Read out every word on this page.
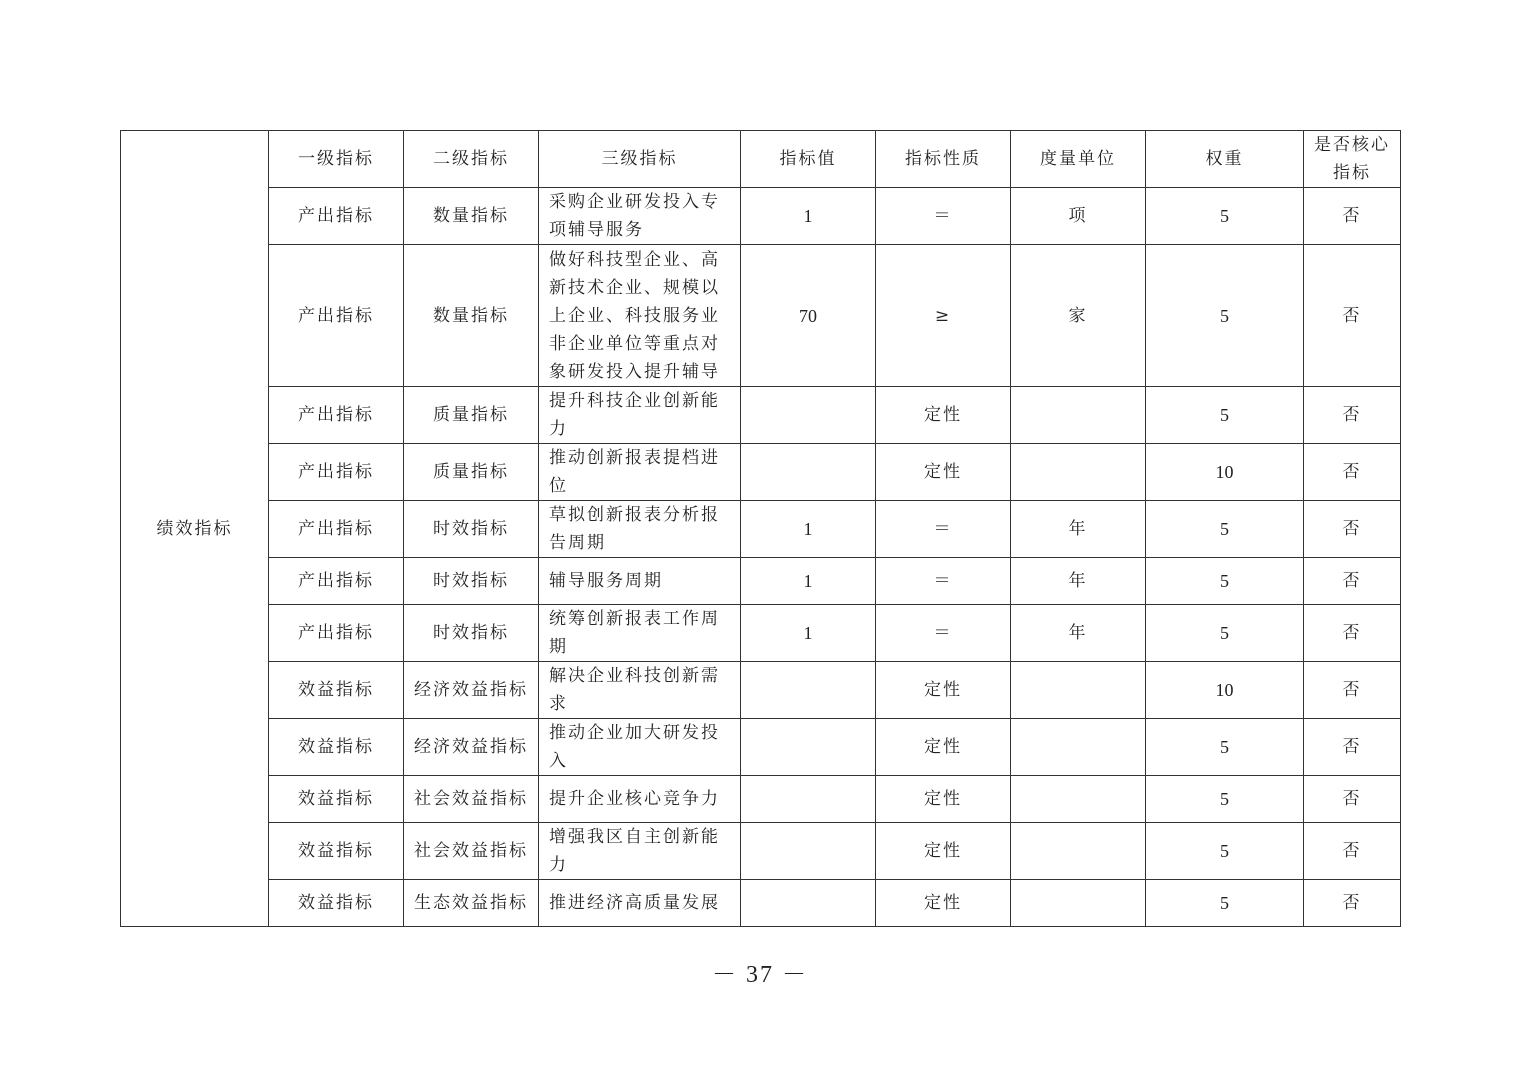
绩效指标	一级指标	二级指标	三级指标	指标值	指标性质	度量单位	权重	是否核心指标
	产出指标	数量指标	采购企业研发投入专项辅导服务	1	＝	项	5	否
	产出指标	数量指标	做好科技型企业、高新技术企业、规模以上企业、科技服务业非企业单位等重点对象研发投入提升辅导	70	≥	家	5	否
	产出指标	质量指标	提升科技企业创新能力		定性		5	否
	产出指标	质量指标	推动创新报表提档进位		定性		10	否
	产出指标	时效指标	草拟创新报表分析报告周期	1	＝	年	5	否
	产出指标	时效指标	辅导服务周期	1	＝	年	5	否
	产出指标	时效指标	统筹创新报表工作周期	1	＝	年	5	否
	效益指标	经济效益指标	解决企业科技创新需求		定性		10	否
	效益指标	经济效益指标	推动企业加大研发投入		定性		5	否
	效益指标	社会效益指标	提升企业核心竞争力		定性		5	否
	效益指标	社会效益指标	增强我区自主创新能力		定性		5	否
	效益指标	生态效益指标	推进经济高质量发展		定性		5	否
－ 37 －
